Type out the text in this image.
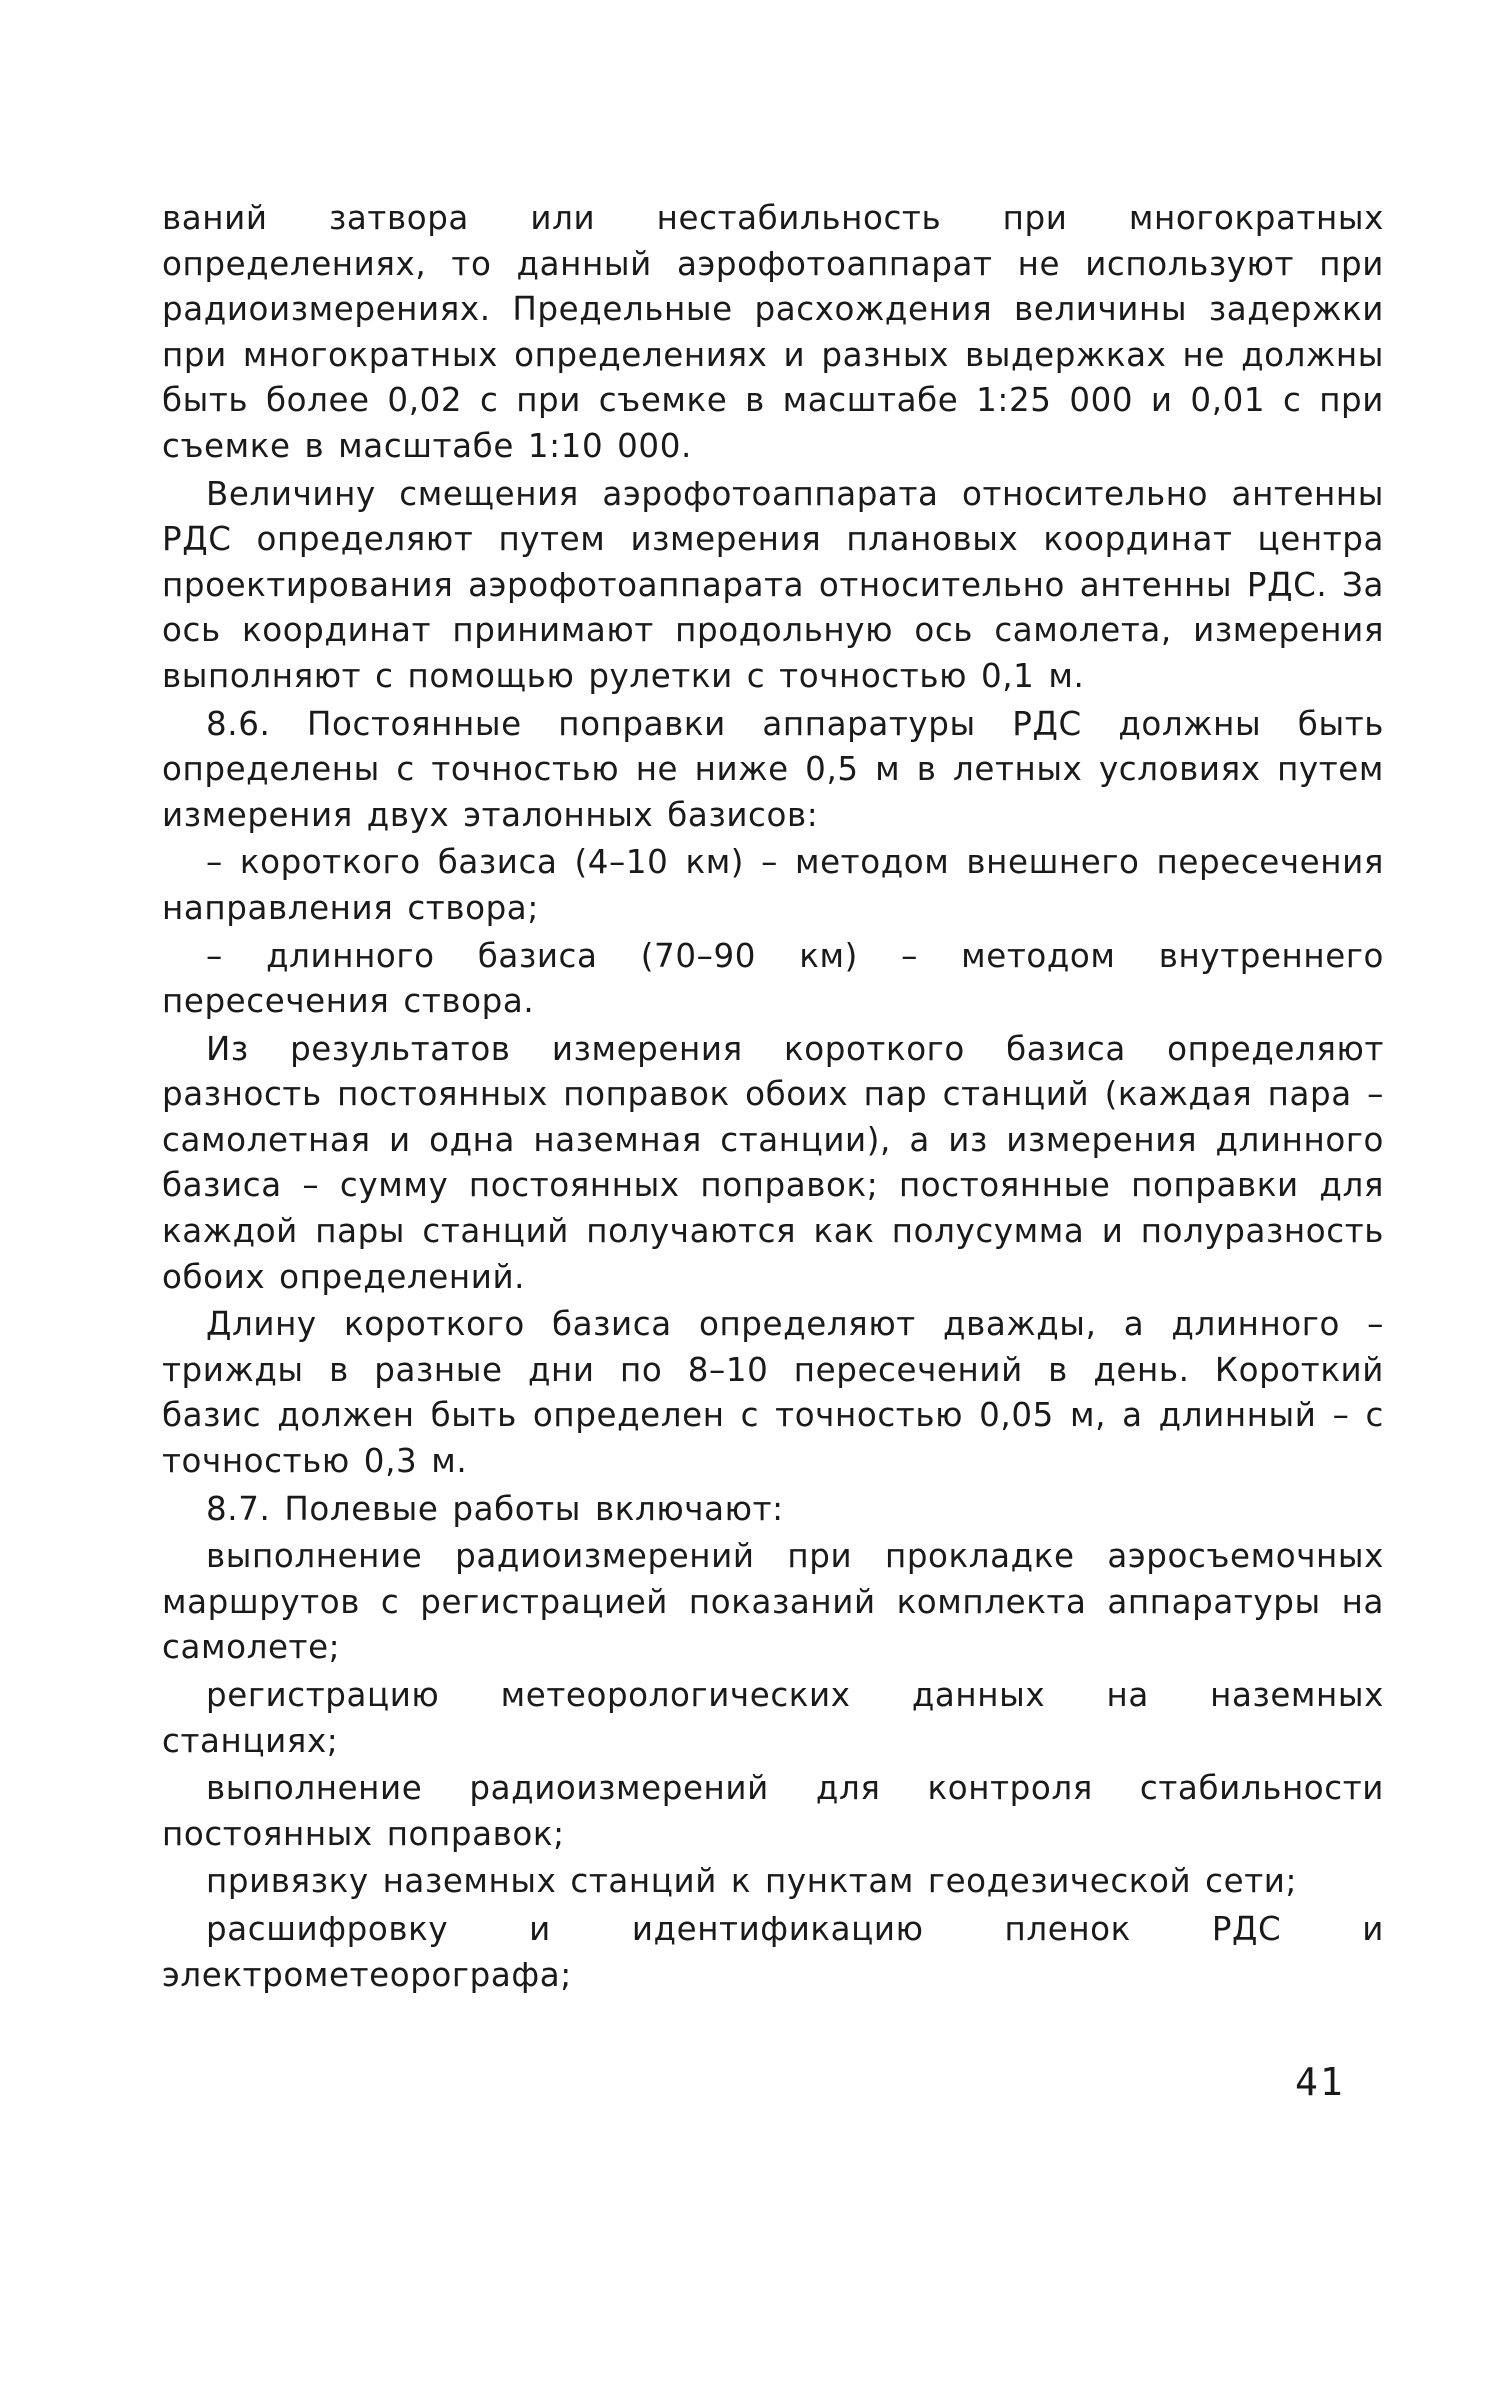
ваний затвора или нестабильность при многократных определениях, то данный аэрофотоаппарат не используют при радиоизмерениях. Предельные расхождения величины задержки при многократных определениях и разных выдержках не должны быть более 0,02 с при съемке в масштабе 1:25 000 и 0,01 с при съемке в масштабе 1:10 000.

Величину смещения аэрофотоаппарата относительно антенны РДС определяют путем измерения плановых координат центра проектирования аэрофотоаппарата относительно антенны РДС. За ось координат принимают продольную ось самолета, измерения выполняют с помощью рулетки с точностью 0,1 м.

8.6. Постоянные поправки аппаратуры РДС должны быть определены с точностью не ниже 0,5 м в летных условиях путем измерения двух эталонных базисов:

– короткого базиса (4–10 км) – методом внешнего пересечения направления створа;

– длинного базиса (70–90 км) – методом внутреннего пересечения створа.

Из результатов измерения короткого базиса определяют разность постоянных поправок обоих пар станций (каждая пара – самолетная и одна наземная станции), а из измерения длинного базиса – сумму постоянных поправок; постоянные поправки для каждой пары станций получаются как полусумма и полуразность обоих определений.

Длину короткого базиса определяют дважды, а длинного – трижды в разные дни по 8–10 пересечений в день. Короткий базис должен быть определен с точностью 0,05 м, а длинный – с точностью 0,3 м.

8.7. Полевые работы включают:

выполнение радиоизмерений при прокладке аэросъемочных маршрутов с регистрацией показаний комплекта аппаратуры на самолете;

регистрацию метеорологических данных на наземных станциях;

выполнение радиоизмерений для контроля стабильности постоянных поправок;

привязку наземных станций к пунктам геодезической сети;

расшифровку и идентификацию пленок РДС и электрометеорографа;

41
